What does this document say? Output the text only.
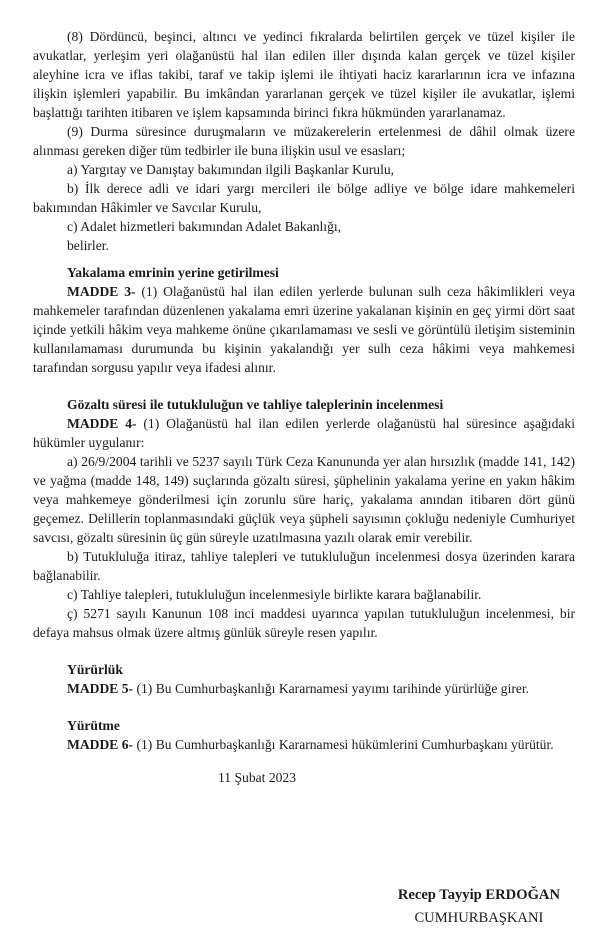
(8) Dördüncü, beşinci, altıncı ve yedinci fıkralarda belirtilen gerçek ve tüzel kişiler ile avukatlar, yerleşim yeri olağanüstü hal ilan edilen iller dışında kalan gerçek ve tüzel kişiler aleyhine icra ve iflas takibi, taraf ve takip işlemi ile ihtiyati haciz kararlarının icra ve infazına ilişkin işlemleri yapabilir. Bu imkândan yararlanan gerçek ve tüzel kişiler ile avukatlar, işlemi başlattığı tarihten itibaren ve işlem kapsamında birinci fıkra hükmünden yararlanamaz.

(9) Durma süresince duruşmaların ve müzakerelerin ertelenmesi de dâhil olmak üzere alınması gereken diğer tüm tedbirler ile buna ilişkin usul ve esasları;

a) Yargıtay ve Danıştay bakımından ilgili Başkanlar Kurulu,

b) İlk derece adli ve idari yargı mercileri ile bölge adliye ve bölge idare mahkemeleri bakımından Hâkimler ve Savcılar Kurulu,

c) Adalet hizmetleri bakımından Adalet Bakanlığı,

belirler.

Yakalama emrinin yerine getirilmesi

MADDE 3- (1) Olağanüstü hal ilan edilen yerlerde bulunan sulh ceza hâkimlikleri veya mahkemeler tarafından düzenlenen yakalama emri üzerine yakalanan kişinin en geç yirmi dört saat içinde yetkili hâkim veya mahkeme önüne çıkarılamaması ve sesli ve görüntülü iletişim sisteminin kullanılamaması durumunda bu kişinin yakalandığı yer sulh ceza hâkimi veya mahkemesi tarafından sorgusu yapılır veya ifadesi alınır.

Gözaltı süresi ile tutukluluğun ve tahliye taleplerinin incelenmesi

MADDE 4- (1) Olağanüstü hal ilan edilen yerlerde olağanüstü hal süresince aşağıdaki hükümler uygulanır:

a) 26/9/2004 tarihli ve 5237 sayılı Türk Ceza Kanununda yer alan hırsızlık (madde 141, 142) ve yağma (madde 148, 149) suçlarında gözaltı süresi, şüphelinin yakalama yerine en yakın hâkim veya mahkemeye gönderilmesi için zorunlu süre hariç, yakalama anından itibaren dört günü geçemez. Delillerin toplanmasındaki güçlük veya şüpheli sayısının çokluğu nedeniyle Cumhuriyet savcısı, gözaltı süresinin üç gün süreyle uzatılmasına yazılı olarak emir verebilir.

b) Tutukluluğa itiraz, tahliye talepleri ve tutukluluğun incelenmesi dosya üzerinden karara bağlanabilir.

c) Tahliye talepleri, tutukluluğun incelenmesiyle birlikte karara bağlanabilir.

ç) 5271 sayılı Kanunun 108 inci maddesi uyarınca yapılan tutukluluğun incelenmesi, bir defaya mahsus olmak üzere altmış günlük süreyle resen yapılır.

Yürürlük

MADDE 5- (1) Bu Cumhurbaşkanlığı Kararnamesi yayımı tarihinde yürürlüğe girer.

Yürütme

MADDE 6- (1) Bu Cumhurbaşkanlığı Kararnamesi hükümlerini Cumhurbaşkanı yürütür.

11 Şubat 2023
Recep Tayyip ERDOĞAN
CUMHURBAŞKANI
